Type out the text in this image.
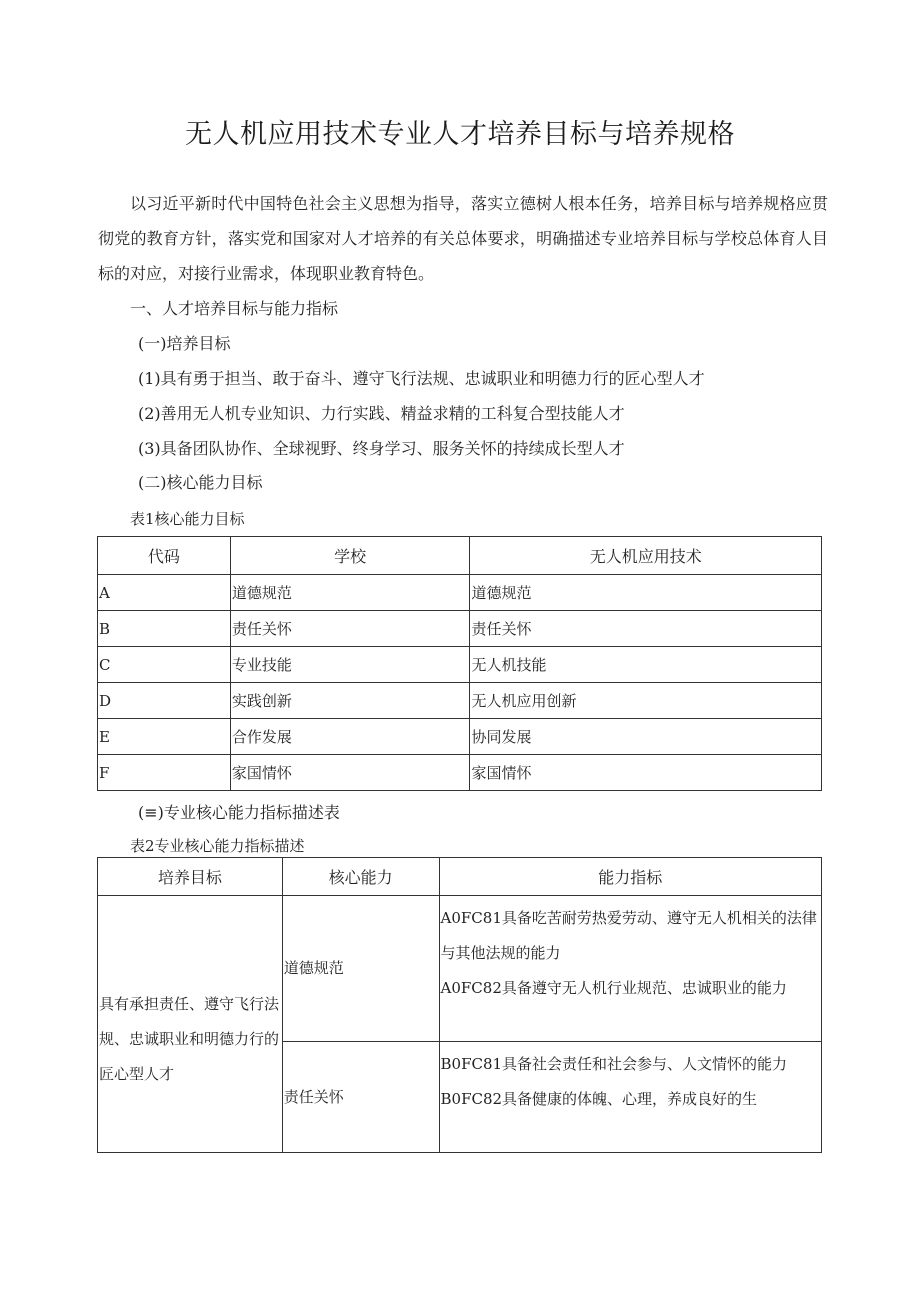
无人机应用技术专业人才培养目标与培养规格
以习近平新时代中国特色社会主义思想为指导，落实立德树人根本任务，培养目标与培养规格应贯彻党的教育方针，落实党和国家对人才培养的有关总体要求，明确描述专业培养目标与学校总体育人目标的对应，对接行业需求，体现职业教育特色。
一、人才培养目标与能力指标
(一)培养目标
(1)具有勇于担当、敢于奋斗、遵守飞行法规、忠诚职业和明德力行的匠心型人才
(2)善用无人机专业知识、力行实践、精益求精的工科复合型技能人才
(3)具备团队协作、全球视野、终身学习、服务关怀的持续成长型人才
(二)核心能力目标
表1核心能力目标
代码	学校	无人机应用技术
A	道德规范	道德规范
B	责任关怀	责任关怀
C	专业技能	无人机技能
D	实践创新	无人机应用创新
E	合作发展	协同发展
F	家国情怀	家国情怀
(≡)专业核心能力指标描述表
表2专业核心能力指标描述
培养目标	核心能力	能力指标
具有承担责任、遵守飞行法规、忠诚职业和明德力行的匠心型人才	道德规范	A0FC81具备吃苦耐劳热爱劳动、遵守无人机相关的法律与其他法规的能力
A0FC82具备遵守无人机行业规范、忠诚职业的能力

	责任关怀	B0FC81具备社会责任和社会参与、人文情怀的能力
B0FC82具备健康的体魄、心理，养成良好的生
